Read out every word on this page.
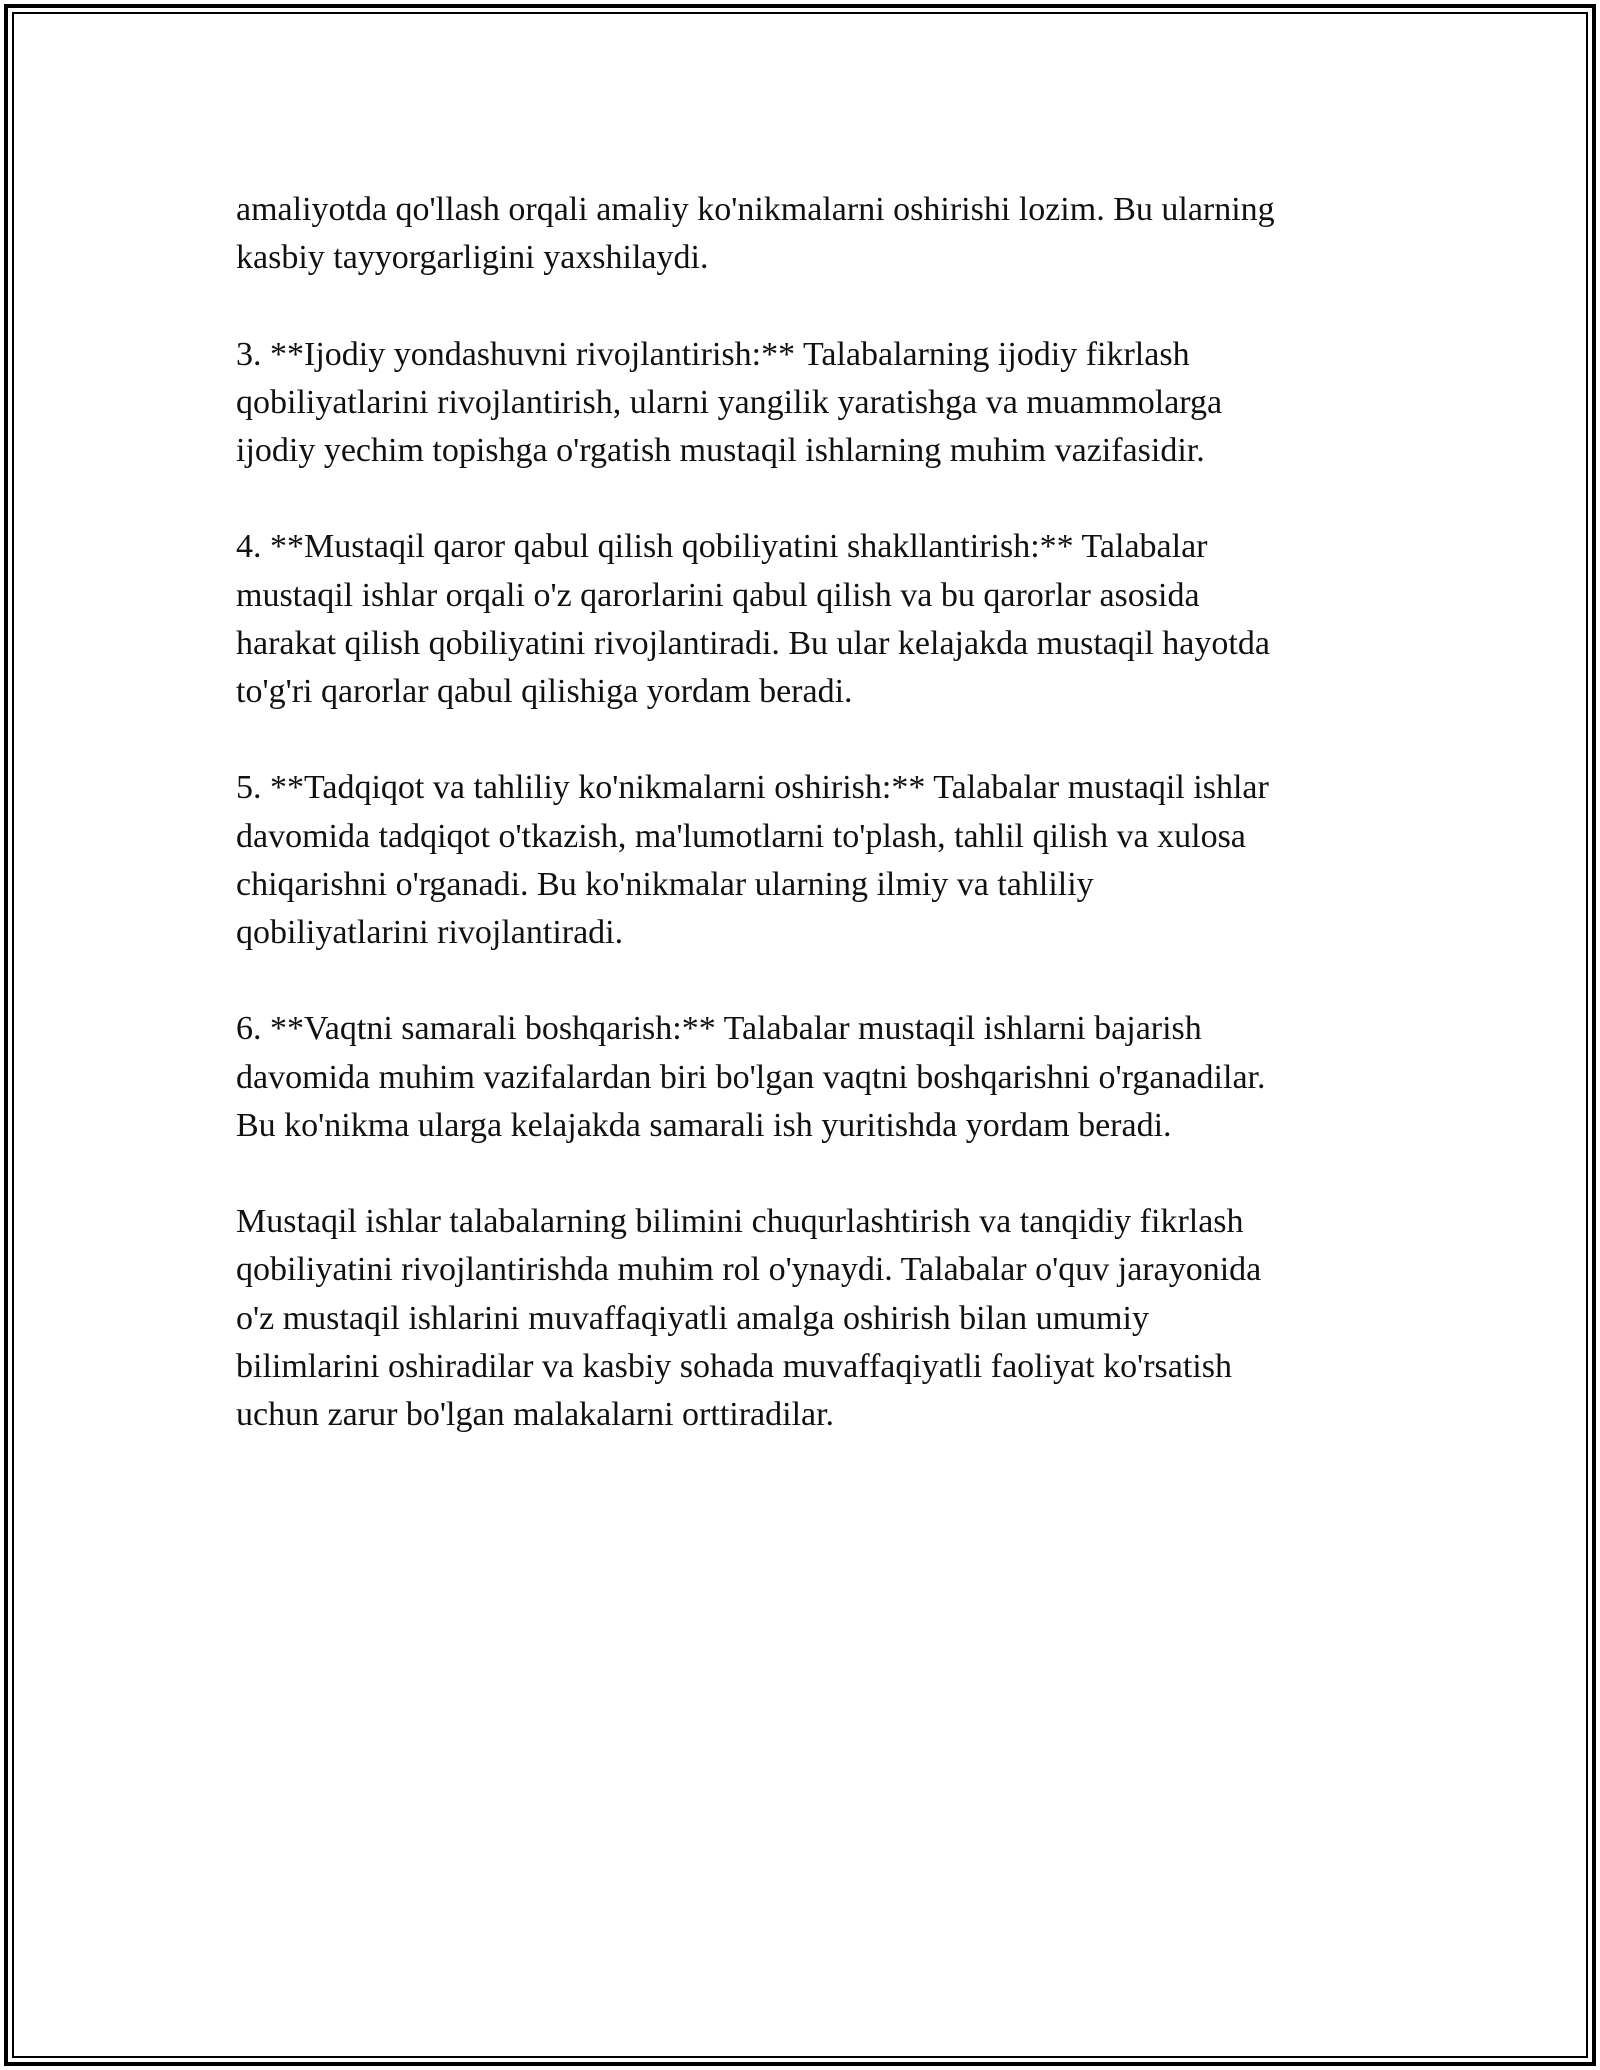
amaliyotda qo'llash orqali amaliy ko'nikmalarni oshirishi lozim. Bu ularning
kasbiy tayyorgarligini yaxshilaydi.

3. **Ijodiy yondashuvni rivojlantirish:** Talabalarning ijodiy fikrlash
qobiliyatlarini rivojlantirish, ularni yangilik yaratishga va muammolarga
ijodiy yechim topishga o'rgatish mustaqil ishlarning muhim vazifasidir.

4. **Mustaqil qaror qabul qilish qobiliyatini shakllantirish:** Talabalar
mustaqil ishlar orqali o'z qarorlarini qabul qilish va bu qarorlar asosida
harakat qilish qobiliyatini rivojlantiradi. Bu ular kelajakda mustaqil hayotda
to'g'ri qarorlar qabul qilishiga yordam beradi.

5. **Tadqiqot va tahliliy ko'nikmalarni oshirish:** Talabalar mustaqil ishlar
davomida tadqiqot o'tkazish, ma'lumotlarni to'plash, tahlil qilish va xulosa
chiqarishni o'rganadi. Bu ko'nikmalar ularning ilmiy va tahliliy
qobiliyatlarini rivojlantiradi.

6. **Vaqtni samarali boshqarish:** Talabalar mustaqil ishlarni bajarish
davomida muhim vazifalardan biri bo'lgan vaqtni boshqarishni o'rganadilar.
Bu ko'nikma ularga kelajakda samarali ish yuritishda yordam beradi.

Mustaqil ishlar talabalarning bilimini chuqurlashtirish va tanqidiy fikrlash
qobiliyatini rivojlantirishda muhim rol o'ynaydi. Talabalar o'quv jarayonida
o'z mustaqil ishlarini muvaffaqiyatli amalga oshirish bilan umumiy
bilimlarini oshiradilar va kasbiy sohada muvaffaqiyatli faoliyat ko'rsatish
uchun zarur bo'lgan malakalarni orttiradilar.
